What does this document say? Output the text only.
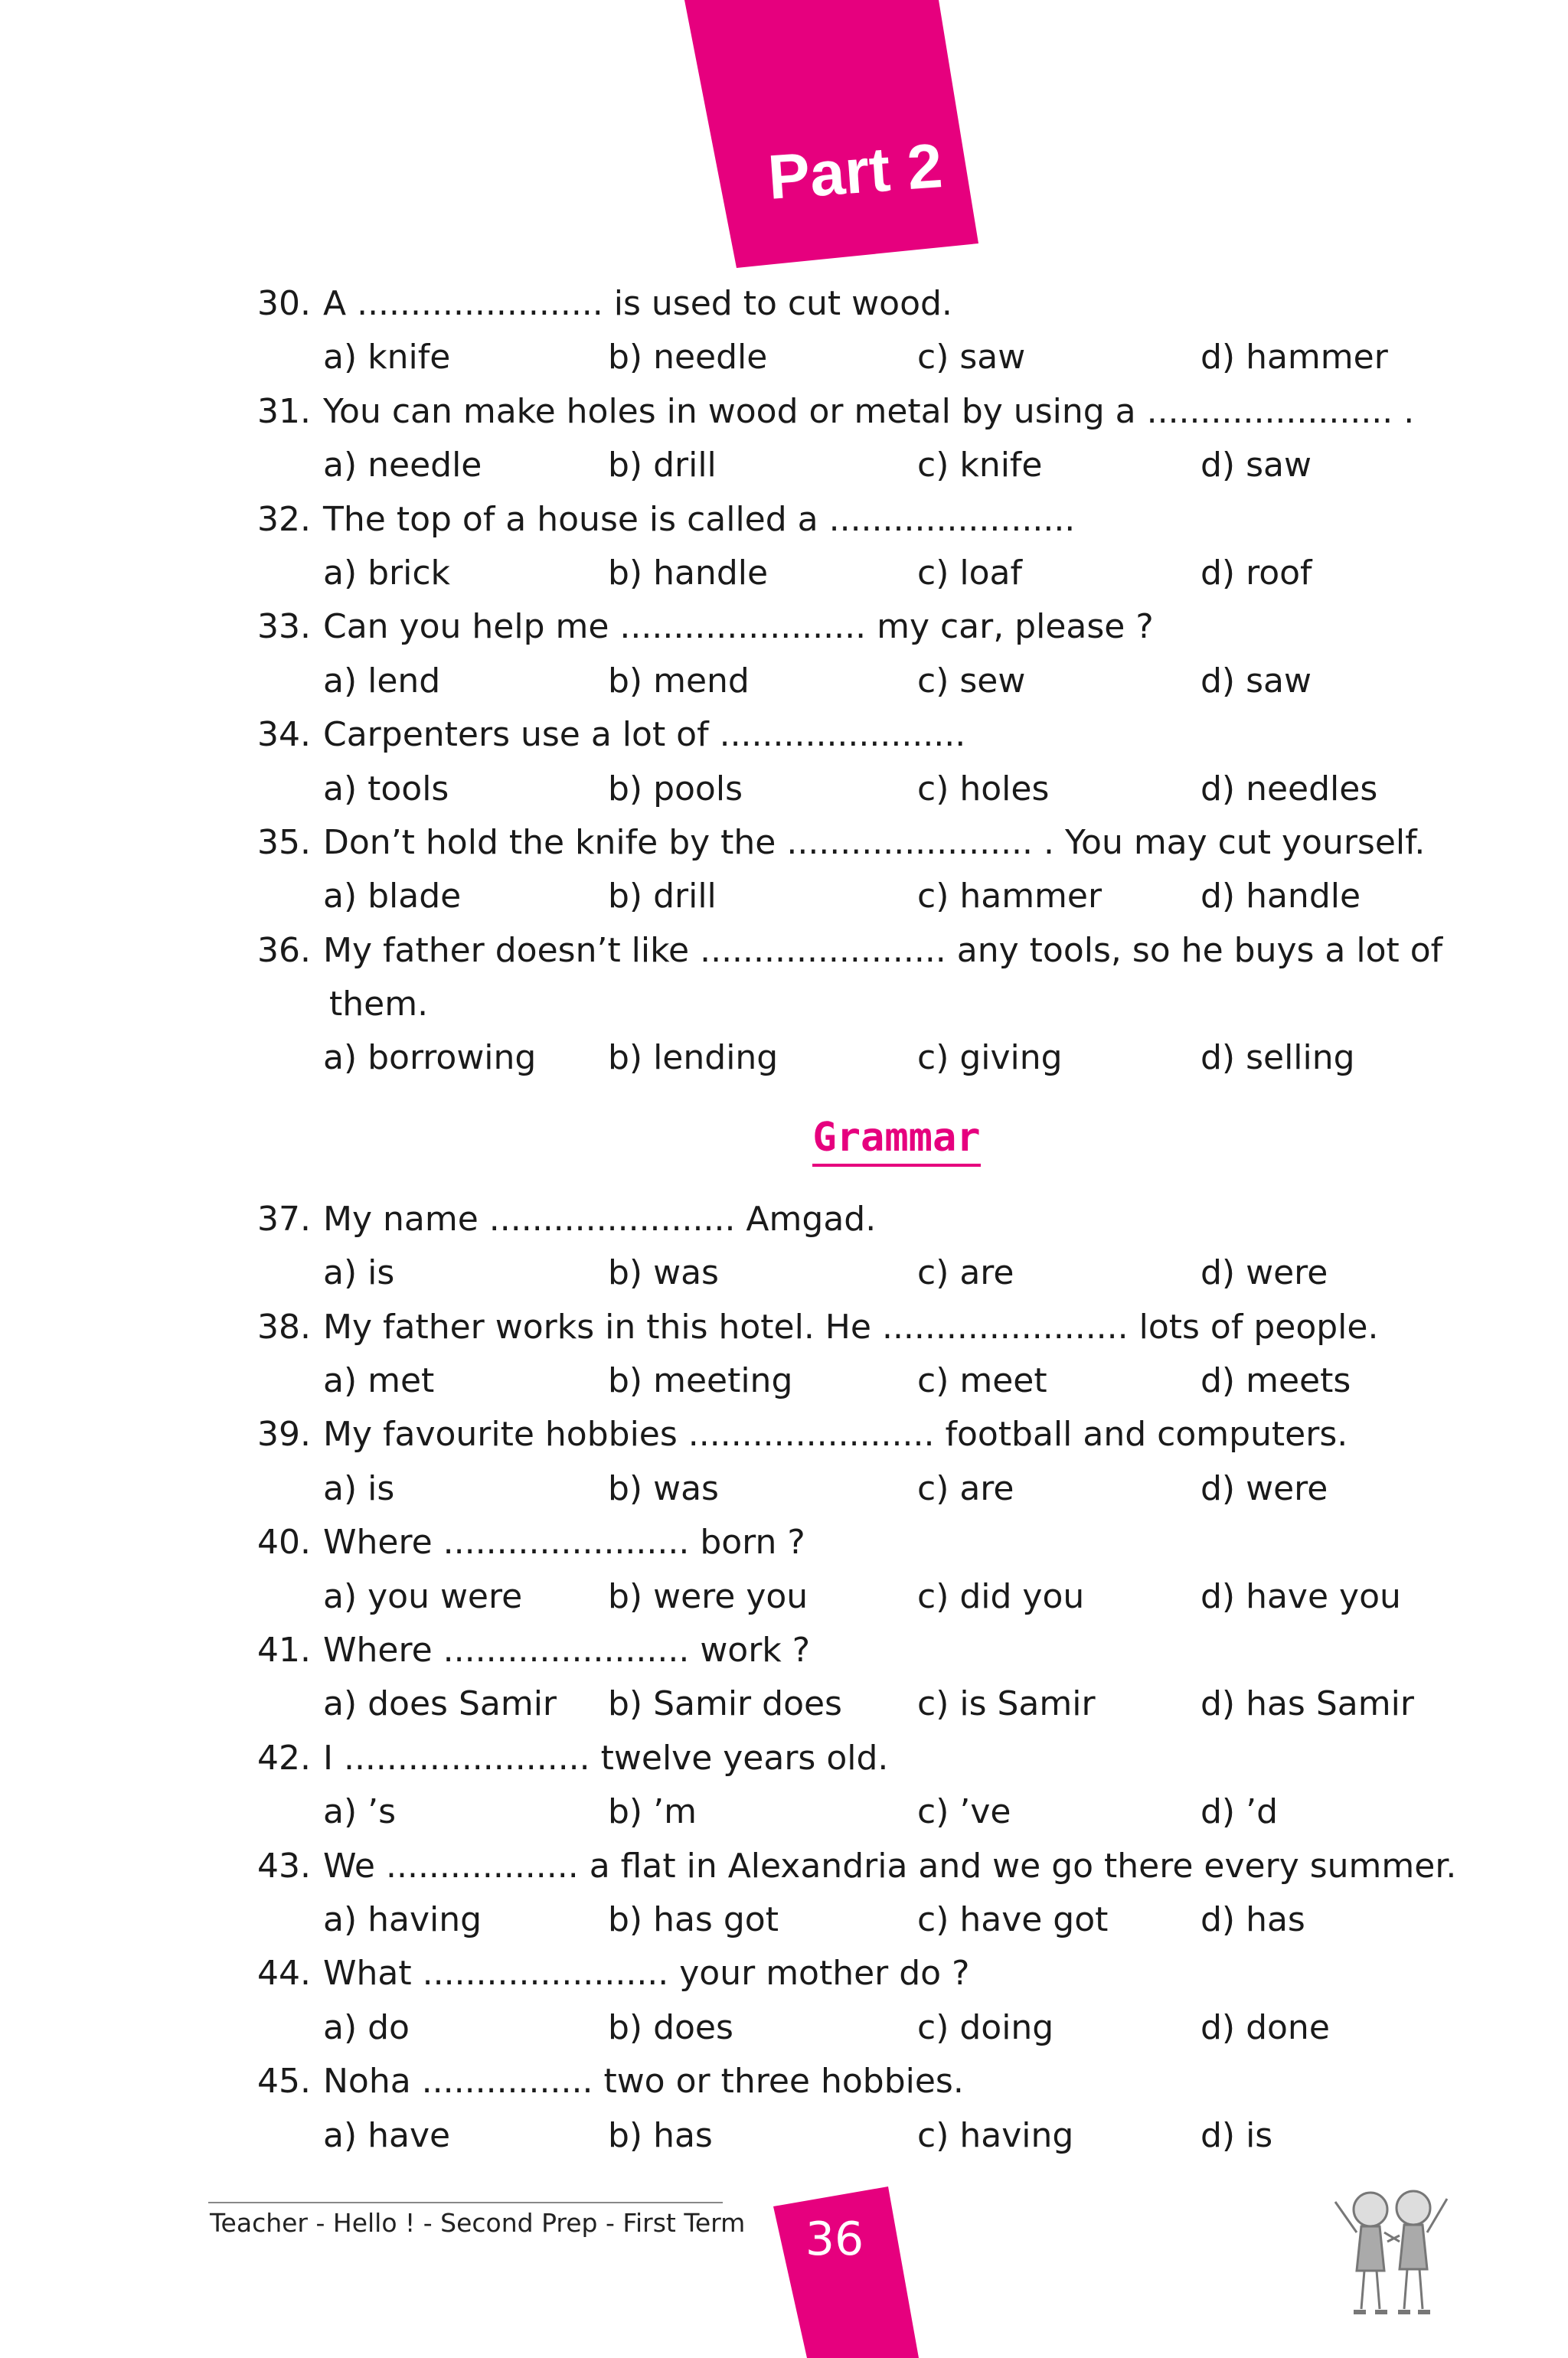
Part 2
30. A ....................... is used to cut wood.
a) knife	b) needle	c) saw	d) hammer
31. You can make holes in wood or metal by using a ....................... .
a) needle	b) drill	c) knife	d) saw
32. The top of a house is called a .......................
a) brick	b) handle	c) loaf	d) roof
33. Can you help me ....................... my car, please ?
a) lend	b) mend	c) sew	d) saw
34. Carpenters use a lot of .......................
a) tools	b) pools	c) holes	d) needles
35. Don’t hold the knife by the ....................... . You may cut yourself.
a) blade	b) drill	c) hammer	d) handle
36. My father doesn’t like ....................... any tools, so he buys a lot of
them.
a) borrowing b) lending	c) giving	d) selling
Grammar
37. My name ....................... Amgad.
a) is	b) was	c) are	d) were
38. My father works in this hotel. He ....................... lots of people.
a) met	b) meeting	c) meet	d) meets
39. My favourite hobbies ....................... football and computers.
a) is	b) was	c) are	d) were
40. Where ....................... born ?
a) you were	b) were you	c) did you	d) have you
41. Where ....................... work ?
a) does Samir b) Samir does c) is Samir	d) has Samir
42. I ....................... twelve years old.
a) ’s	b) ’m	c) ’ve	d) ’d
43. We .................. a flat in Alexandria and we go there every summer.
a) having	b) has got	c) have got	d) has
44. What ....................... your mother do ?
a) do	b) does	c) doing	d) done
45. Noha ................ two or three hobbies.
a) have	b) has	c) having	d) is
Teacher - Hello ! - Second Prep - First Term 36
